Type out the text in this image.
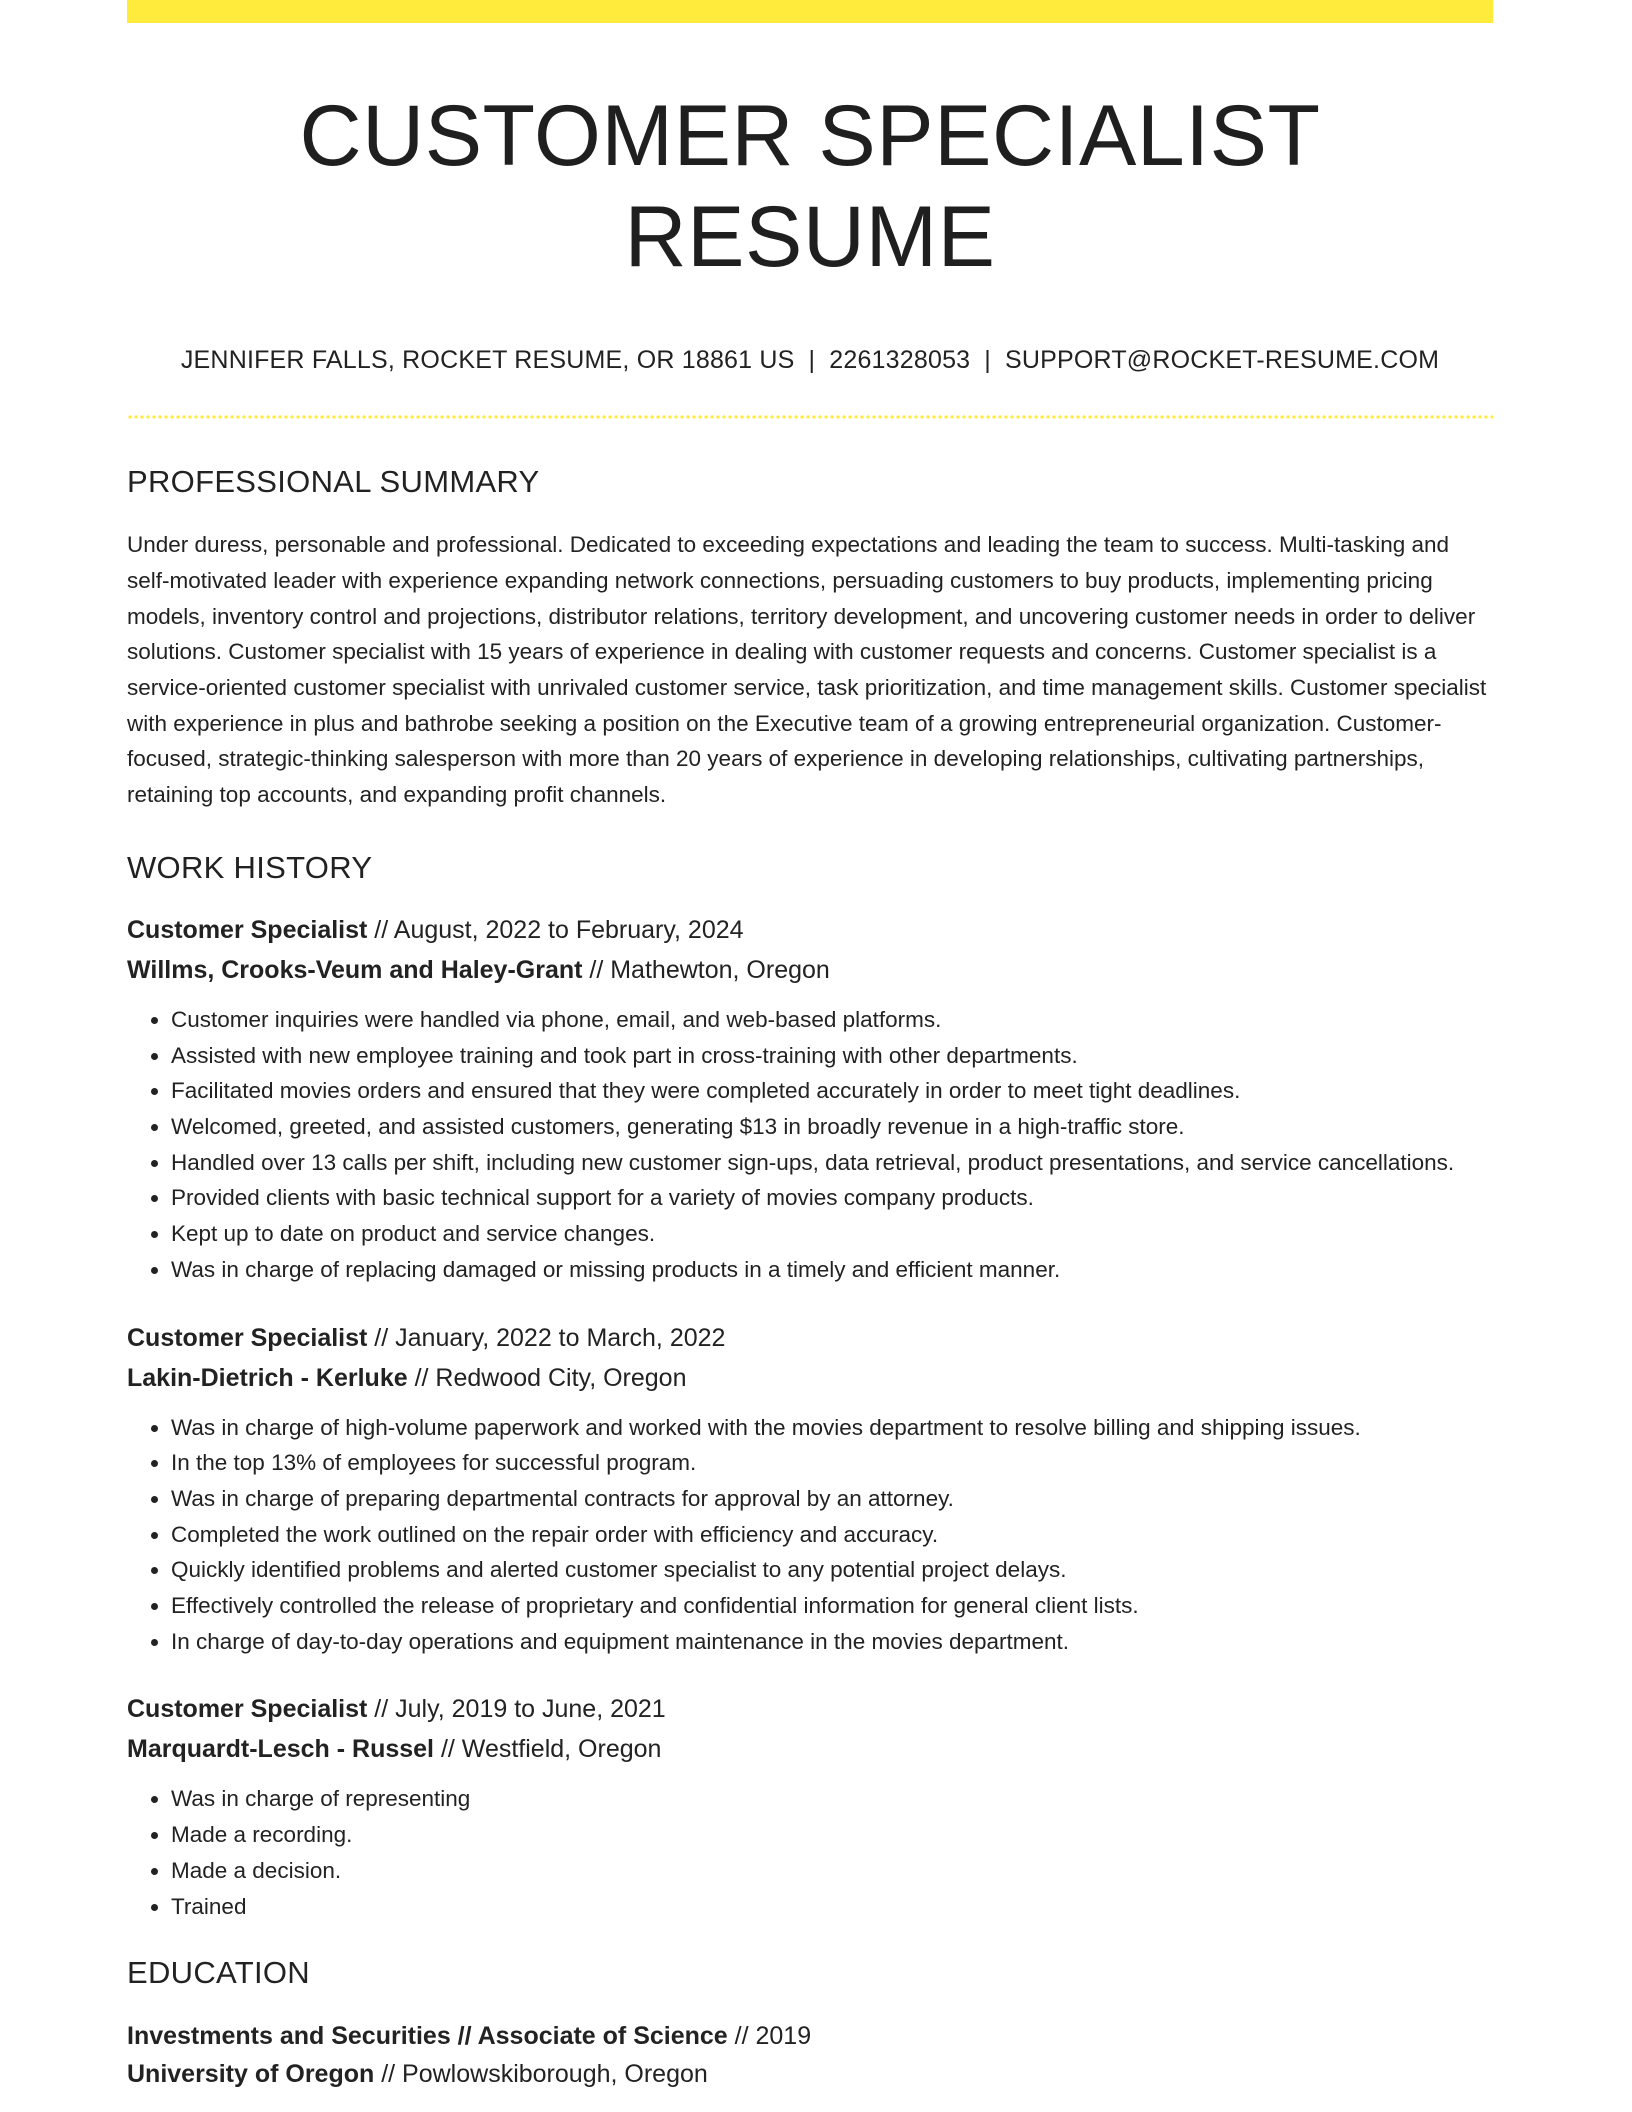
CUSTOMER SPECIALIST RESUME
JENNIFER FALLS, ROCKET RESUME, OR 18861 US | 2261328053 | SUPPORT@ROCKET-RESUME.COM
PROFESSIONAL SUMMARY
Under duress, personable and professional. Dedicated to exceeding expectations and leading the team to success. Multi-tasking and self-motivated leader with experience expanding network connections, persuading customers to buy products, implementing pricing models, inventory control and projections, distributor relations, territory development, and uncovering customer needs in order to deliver solutions. Customer specialist with 15 years of experience in dealing with customer requests and concerns. Customer specialist is a service-oriented customer specialist with unrivaled customer service, task prioritization, and time management skills. Customer specialist with experience in plus and bathrobe seeking a position on the Executive team of a growing entrepreneurial organization. Customer-focused, strategic-thinking salesperson with more than 20 years of experience in developing relationships, cultivating partnerships, retaining top accounts, and expanding profit channels.
WORK HISTORY
Customer Specialist // August, 2022 to February, 2024
Willms, Crooks-Veum and Haley-Grant // Mathewton, Oregon
• Customer inquiries were handled via phone, email, and web-based platforms.
• Assisted with new employee training and took part in cross-training with other departments.
• Facilitated movies orders and ensured that they were completed accurately in order to meet tight deadlines.
• Welcomed, greeted, and assisted customers, generating $13 in broadly revenue in a high-traffic store.
• Handled over 13 calls per shift, including new customer sign-ups, data retrieval, product presentations, and service cancellations.
• Provided clients with basic technical support for a variety of movies company products.
• Kept up to date on product and service changes.
• Was in charge of replacing damaged or missing products in a timely and efficient manner.
Customer Specialist // January, 2022 to March, 2022
Lakin-Dietrich - Kerluke // Redwood City, Oregon
• Was in charge of high-volume paperwork and worked with the movies department to resolve billing and shipping issues.
• In the top 13% of employees for successful program.
• Was in charge of preparing departmental contracts for approval by an attorney.
• Completed the work outlined on the repair order with efficiency and accuracy.
• Quickly identified problems and alerted customer specialist to any potential project delays.
• Effectively controlled the release of proprietary and confidential information for general client lists.
• In charge of day-to-day operations and equipment maintenance in the movies department.
Customer Specialist // July, 2019 to June, 2021
Marquardt-Lesch - Russel // Westfield, Oregon
• Was in charge of representing
• Made a recording.
• Made a decision.
• Trained
EDUCATION
Investments and Securities // Associate of Science // 2019
University of Oregon // Powlowskiborough, Oregon
